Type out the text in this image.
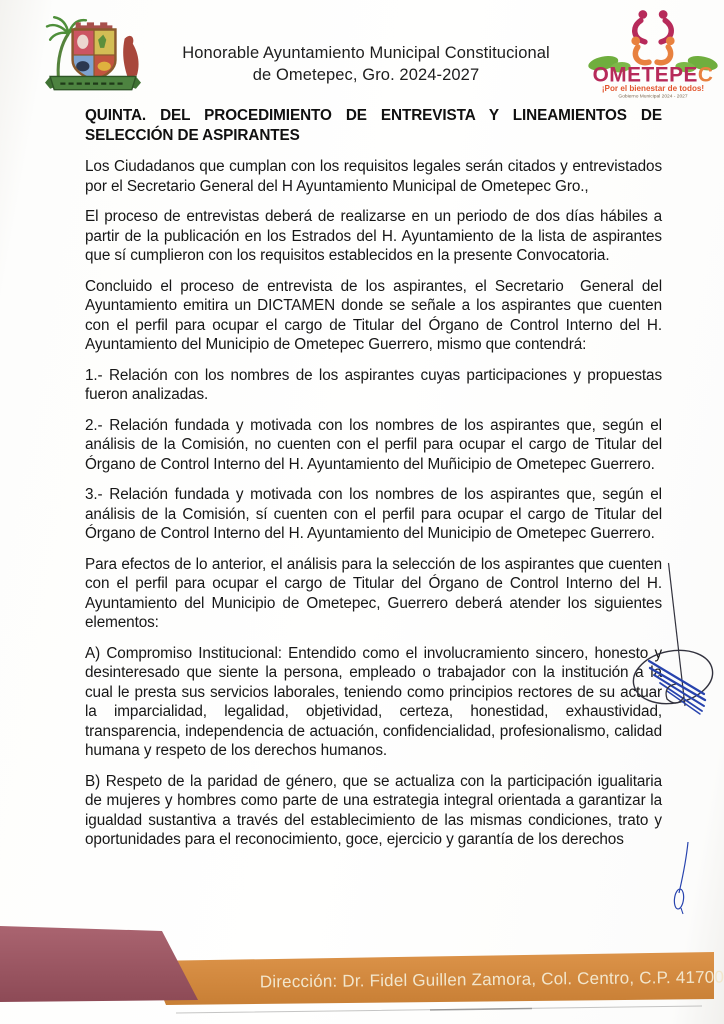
Honorable Ayuntamiento Municipal Constitucional
de Ometepec, Gro. 2024-2027	OMETEPEC
¡Por el bienestar de todos!
Gobierno Municipal 2024 - 2027
QUINTA. DEL PROCEDIMIENTO DE ENTREVISTA Y LINEAMIENTOS DE
SELECCIÓN DE ASPIRANTES

Los Ciudadanos que cumplan con los requisitos legales serán citados y entrevistados por el Secretario General del H Ayuntamiento Municipal de Ometepec Gro.,

El proceso de entrevistas deberá de realizarse en un periodo de dos días hábiles a partir de la publicación en los Estrados del H. Ayuntamiento de la lista de aspirantes que sí cumplieron con los requisitos establecidos en la presente Convocatoria.

Concluido el proceso de entrevista de los aspirantes, el Secretario  General del Ayuntamiento emitira un DICTAMEN donde se señale a los aspirantes que cuenten con el perfil para ocupar el cargo de Titular del Órgano de Control Interno del H. Ayuntamiento del Municipio de Ometepec Guerrero, mismo que contendrá:

1.- Relación con los nombres de los aspirantes cuyas participaciones y propuestas fueron analizadas.

2.- Relación fundada y motivada con los nombres de los aspirantes que, según el análisis de la Comisión, no cuenten con el perfil para ocupar el cargo de Titular del Órgano de Control Interno del H. Ayuntamiento del Muñicipio de Ometepec Guerrero.

3.- Relación fundada y motivada con los nombres de los aspirantes que, según el análisis de la Comisión, sí cuenten con el perfil para ocupar el cargo de Titular del Órgano de Control Interno del H. Ayuntamiento del Municipio de Ometepec Guerrero.

Para efectos de lo anterior, el análisis para la selección de los aspirantes que cuenten con el perfil para ocupar el cargo de Titular del Órgano de Control Interno del H. Ayuntamiento del Municipio de Ometepec, Guerrero deberá atender los siguientes elementos:

A) Compromiso Institucional: Entendido como el involucramiento sincero, honesto y desinteresado que siente la persona, empleado o trabajador con la institución a la cual le presta sus servicios laborales, teniendo como principios rectores de su actuar la imparcialidad, legalidad, objetividad, certeza, honestidad, exhaustividad, transparencia, independencia de actuación, confidencialidad, profesionalismo, calidad humana y respeto de los derechos humanos.

B) Respeto de la paridad de género, que se actualiza con la participación igualitaria de mujeres y hombres como parte de una estrategia integral orientada a garantizar la igualdad sustantiva a través del establecimiento de las mismas condiciones, trato y oportunidades para el reconocimiento, goce, ejercicio y garantía de los derechos

Dirección: Dr. Fidel Guillen Zamora, Col. Centro, C.P. 41700
